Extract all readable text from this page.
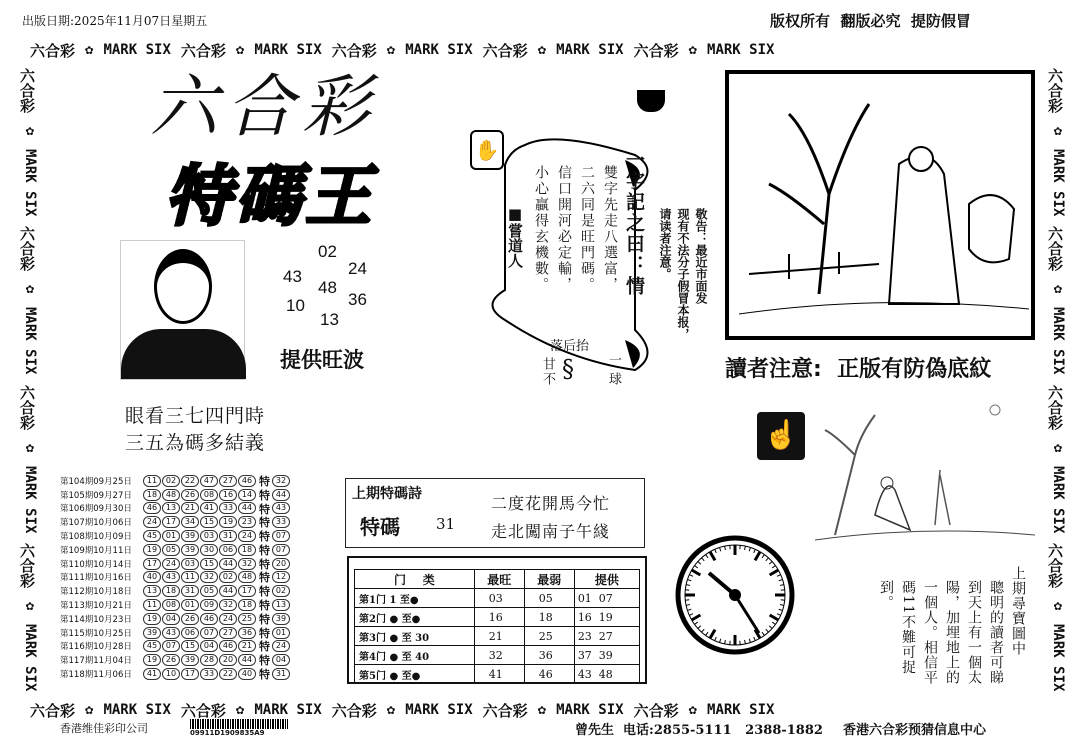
出版日期:2025年11月07日星期五	版权所有  翻版必究  提防假冒
六合彩 ✿ MARK SIX 六合彩 ✿ MARK SIX 六合彩 ✿ MARK SIX 六合彩 ✿ MARK SIX 六合彩 ✿ MARK SIX
六合彩 ✿ MARK SIX 六合彩 ✿ MARK SIX 六合彩 ✿ MARK SIX 六合彩 ✿ MARK SIX 六合彩 ✿ MARK SIX
六合彩
✿
MARK SIX
六合彩
✿
MARK SIX
六合彩
✿
MARK SIX
六合彩
✿
MARK SIX
六合彩
✿
MARK SIX
六合彩
✿
MARK SIX
六合彩
✿
MARK SIX
六合彩
✿
MARK SIX
六合彩
特碼王
02
24
43
48
36
10
13
提供旺波
眼看三七四門時
三五為碼多結義
第104期09月25日	11	02	22	47	27	46 特 32
第105期09月27日	18	48	26	08	16	14 特 44
第106期09月30日	46	13	21	41	33	44 特 43
第107期10月06日	24	17	34	15	19	23 特 33
第108期10月09日	45	01	39	03	31	24 特 07
第109期10月11日	19	05	39	30	06	18 特 07
第110期10月14日	17	24	03	15	44	32 特 20
第111期10月16日	40	43	11	32	02	48 特 12
第112期10月18日	13	18	31	05	44	17 特 02
第113期10月21日	11	08	01	09	32	18 特 13
第114期10月23日	19	04	26	46	24	25 特 39
第115期10月25日	39	43	06	07	27	36 特 01
第116期10月28日	45	07	15	04	46	21 特 24
第117期11月04日	19	26	39	28	20	44 特 04
第118期11月06日	41	10	17	33	22	40 特 31
上期特碼詩
特碼 31
二度花開馬今忙
走北闖南子午綫
门    类	最旺	最弱	提供
第1门 1 至●	03	05	01  07
第2门 ● 至●	16	18	16  19
第3门 ● 至 30	21	25	23  27
第4门 ● 至 40	32	36	37  39
第5门 ● 至●	41	46	43  48
一字記之曰：情
雙字先走八選富，
二六同是旺門碼。
信口開河必定輸，
小心贏得玄機數。
■嘗道人
✋
落后抬
甘不 § 一球
敬告：最近市面发
现有不法分子假冒本报，
请读者注意。
讀者注意:  正版有防偽底紋
☝
上期尋寶圖中
聰明的讀者可睇
到天上有一個太
陽，加埋地上的
一個人。相信平
碼11不難可捉
到。
香港维佳彩印公司	09911D1909835A9	曾先生  电话:2855-5111   2388-1882 香港六合彩预猜信息中心
